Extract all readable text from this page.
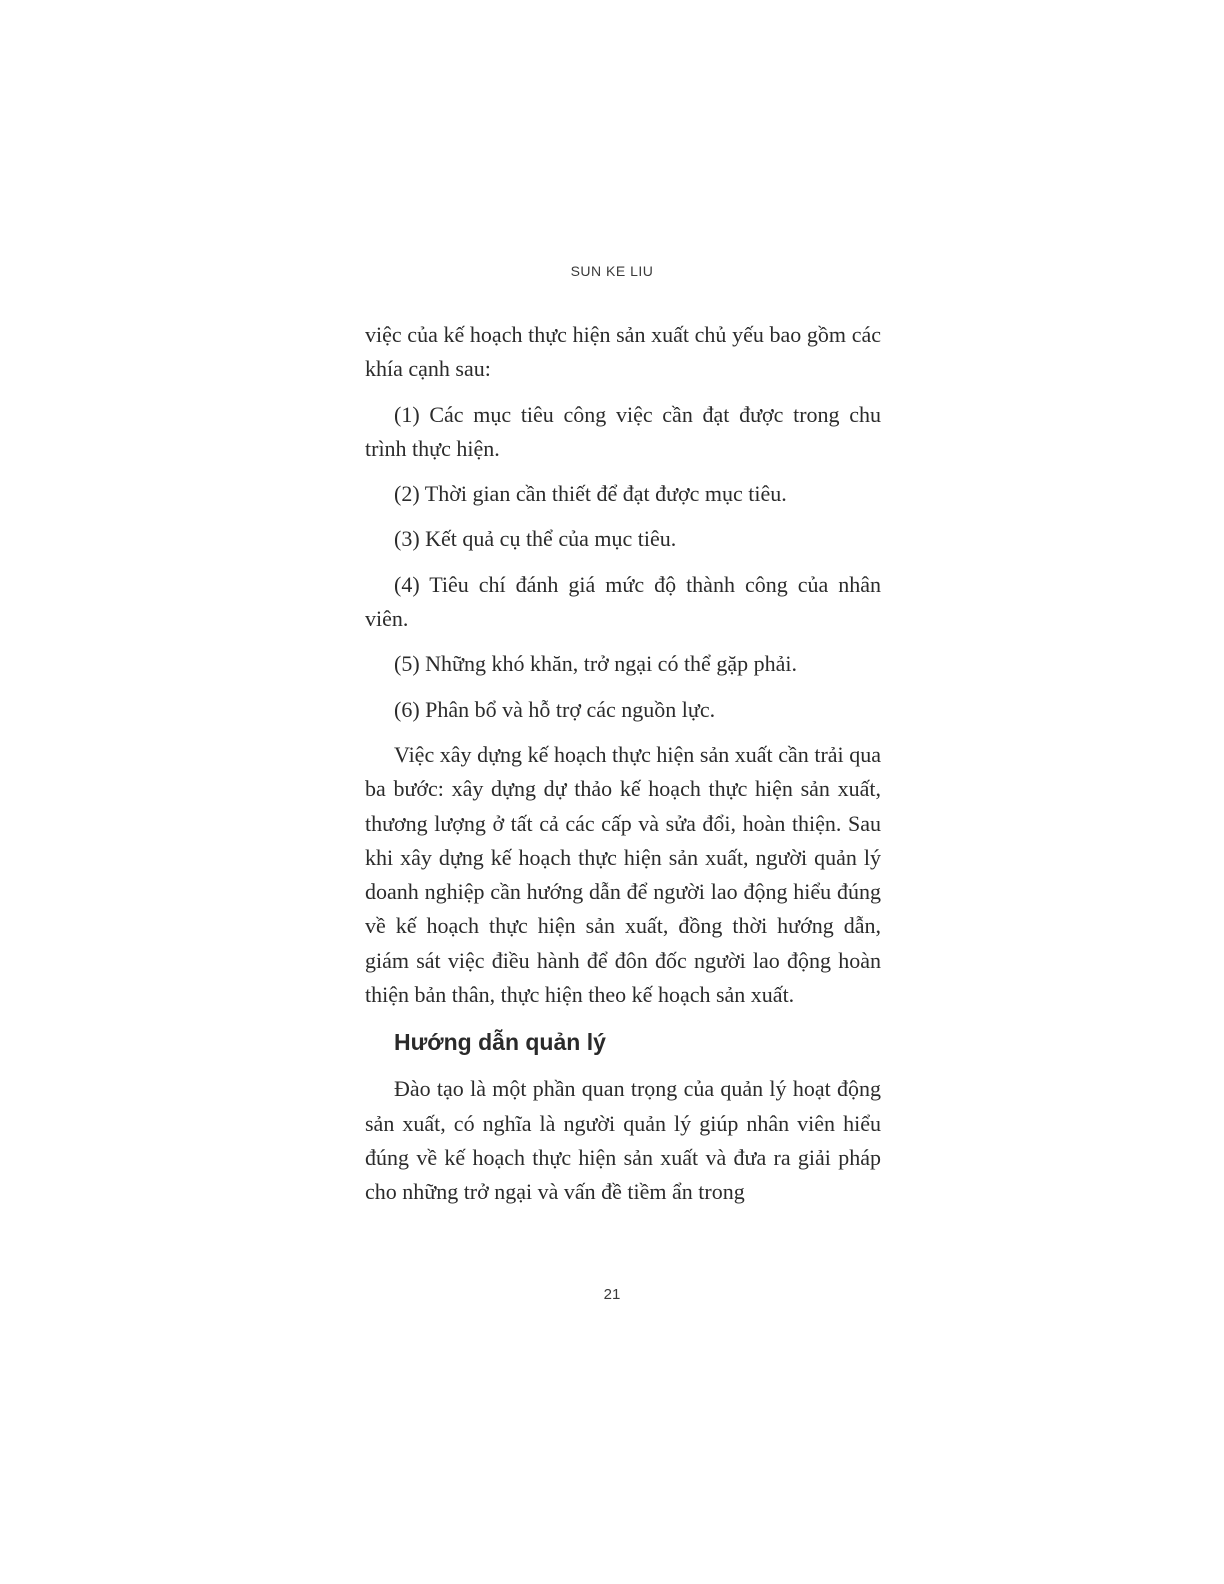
SUN KE LIU

việc của kế hoạch thực hiện sản xuất chủ yếu bao gồm các khía cạnh sau:

(1) Các mục tiêu công việc cần đạt được trong chu trình thực hiện.

(2) Thời gian cần thiết để đạt được mục tiêu.

(3) Kết quả cụ thể của mục tiêu.

(4) Tiêu chí đánh giá mức độ thành công của nhân viên.

(5) Những khó khăn, trở ngại có thể gặp phải.

(6) Phân bổ và hỗ trợ các nguồn lực.

Việc xây dựng kế hoạch thực hiện sản xuất cần trải qua ba bước: xây dựng dự thảo kế hoạch thực hiện sản xuất, thương lượng ở tất cả các cấp và sửa đổi, hoàn thiện. Sau khi xây dựng kế hoạch thực hiện sản xuất, người quản lý doanh nghiệp cần hướng dẫn để người lao động hiểu đúng về kế hoạch thực hiện sản xuất, đồng thời hướng dẫn, giám sát việc điều hành để đôn đốc người lao động hoàn thiện bản thân, thực hiện theo kế hoạch sản xuất.

Hướng dẫn quản lý

Đào tạo là một phần quan trọng của quản lý hoạt động sản xuất, có nghĩa là người quản lý giúp nhân viên hiểu đúng về kế hoạch thực hiện sản xuất và đưa ra giải pháp cho những trở ngại và vấn đề tiềm ẩn trong

21
